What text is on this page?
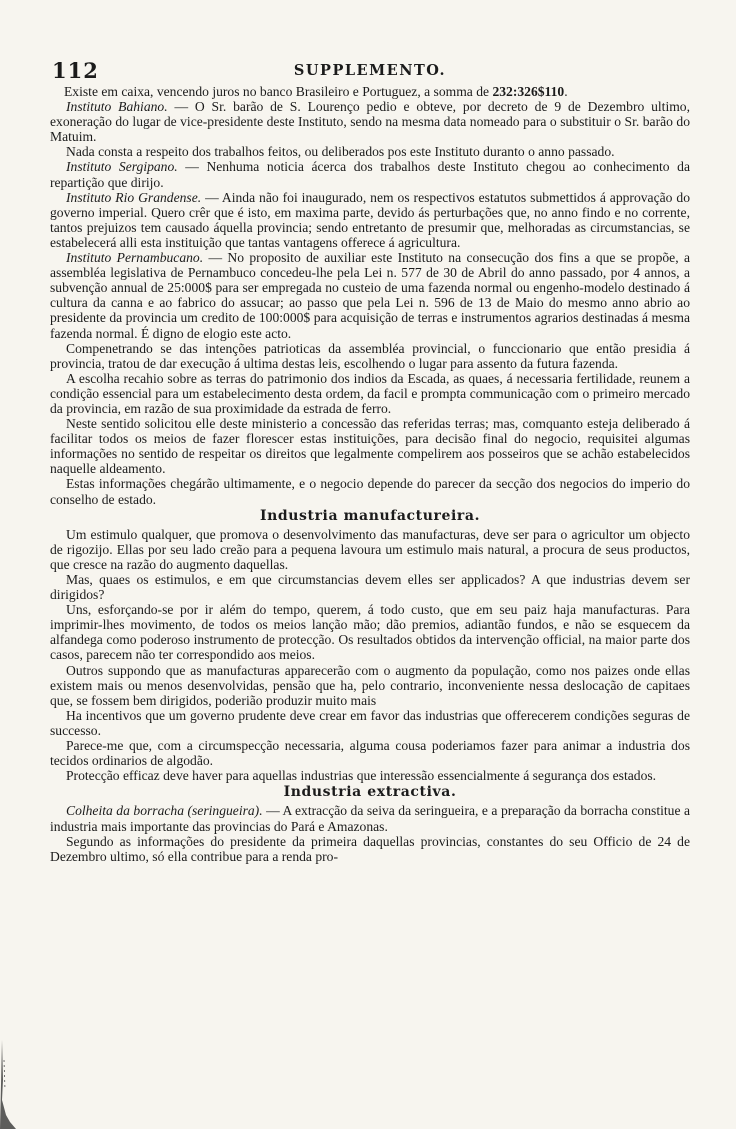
112	SUPPLEMENTO.

Existe em caixa, vencendo juros no banco Brasileiro e Portuguez, a somma de 232:326$110.

Instituto Bahiano. — O Sr. barão de S. Lourenço pedio e obteve, por decreto de 9 de Dezembro ultimo, exoneração do lugar de vice-presidente deste Instituto, sendo na mesma data nomeado para o substituir o Sr. barão do Matuim.

Nada consta a respeito dos trabalhos feitos, ou deliberados pos este Instituto duranto o anno passado.

Instituto Sergipano. — Nenhuma noticia ácerca dos trabalhos deste Instituto chegou ao conhecimento da repartição que dirijo.

Instituto Rio Grandense. — Ainda não foi inaugurado, nem os respectivos estatutos submettidos á approvação do governo imperial. Quero crêr que é isto, em maxima parte, devido ás perturbações que, no anno findo e no corrente, tantos prejuizos tem causado áquella provincia; sendo entretanto de presumir que, melhoradas as circumstancias, se estabelecerá alli esta instituição que tantas vantagens offerece á agricultura.

Instituto Pernambucano. — No proposito de auxiliar este Instituto na consecução dos fins a que se propõe, a assembléa legislativa de Pernambuco concedeu-lhe pela Lei n. 577 de 30 de Abril do anno passado, por 4 annos, a subvenção annual de 25:000$ para ser empregada no custeio de uma fazenda normal ou engenho-modelo destinado á cultura da canna e ao fabrico do assucar; ao passo que pela Lei n. 596 de 13 de Maio do mesmo anno abrio ao presidente da provincia um credito de 100:000$ para acquisição de terras e instrumentos agrarios destinadas á mesma fazenda normal. É digno de elogio este acto.

Compenetrando se das intenções patrioticas da assembléa provincial, o funccionario que então presidia á provincia, tratou de dar execução á ultima destas leis, escolhendo o lugar para assento da futura fazenda.

A escolha recahio sobre as terras do patrimonio dos indios da Escada, as quaes, á necessaria fertilidade, reunem a condição essencial para um estabelecimento desta ordem, da facil e prompta communicação com o primeiro mercado da provincia, em razão de sua proximidade da estrada de ferro.

Neste sentido solicitou elle deste ministerio a concessão das referidas terras; mas, comquanto esteja deliberado á facilitar todos os meios de fazer florescer estas instituições, para decisão final do negocio, requisitei algumas informações no sentido de respeitar os direitos que legalmente compelirem aos posseiros que se achão estabelecidos naquelle aldeamento.

Estas informações chegárão ultimamente, e o negocio depende do parecer da secção dos negocios do imperio do conselho de estado.

Industria manufactureira.

Um estimulo qualquer, que promova o desenvolvimento das manufacturas, deve ser para o agricultor um objecto de rigozijo. Ellas por seu lado creão para a pequena lavoura um estimulo mais natural, a procura de seus productos, que cresce na razão do augmento daquellas.

Mas, quaes os estimulos, e em que circumstancias devem elles ser applicados? A que industrias devem ser dirigidos?

Uns, esforçando-se por ir além do tempo, querem, á todo custo, que em seu paiz haja manufacturas. Para imprimir-lhes movimento, de todos os meios lanção mão; dão premios, adiantão fundos, e não se esquecem da alfandega como poderoso instrumento de protecção. Os resultados obtidos da intervenção official, na maior parte dos casos, parecem não ter correspondido aos meios.

Outros suppondo que as manufacturas apparecerão com o augmento da população, como nos paizes onde ellas existem mais ou menos desenvolvidas, pensão que ha, pelo contrario, inconveniente nessa deslocação de capitaes que, se fossem bem dirigidos, poderião produzir muito mais

Ha incentivos que um governo prudente deve crear em favor das industrias que offerecerem condições seguras de successo.

Parece-me que, com a circumspecção necessaria, alguma cousa poderiamos fazer para animar a industria dos tecidos ordinarios de algodão.

Protecção efficaz deve haver para aquellas industrias que interessão essencialmente á segurança dos estados.

Industria extractiva.

Colheita da borracha (seringueira). — A extracção da seiva da seringueira, e a preparação da borracha constitue a industria mais importante das provincias do Pará e Amazonas.

Segundo as informações do presidente da primeira daquellas provincias, constantes do seu Officio de 24 de Dezembro ultimo, só ella contribue para a renda pro-
